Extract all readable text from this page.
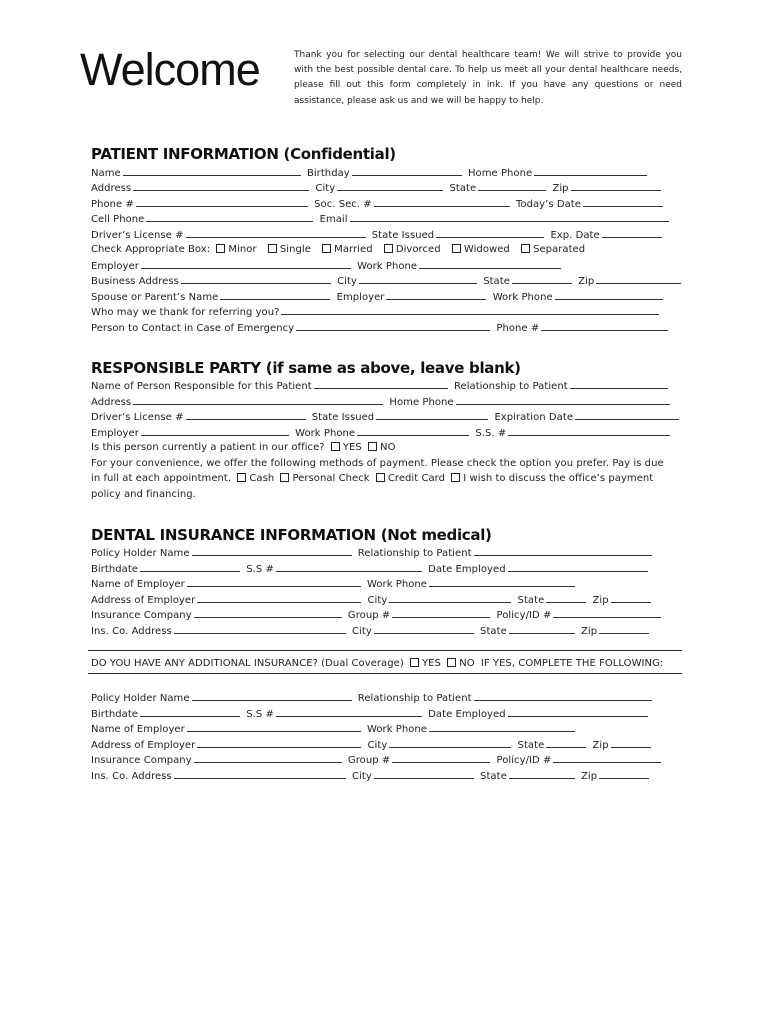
Welcome	Thank you for selecting our dental healthcare team! We will strive to provide you with the best possible dental care. To help us meet all your dental healthcare needs, please fill out this form completely in ink. If you have any questions or need assistance, please ask us and we will be happy to help.
PATIENT INFORMATION (Confidential)
Name	Birthday	Home Phone
Address	City	State	Zip
Phone #	Soc. Sec. #	Today’s Date
Cell Phone	Email
Driver’s License #	State Issued	Exp. Date
Check Appropriate Box: Minor Single Married Divorced Widowed Separated
Employer	Work Phone
Business Address	City	State	Zip
Spouse or Parent’s Name	Employer	Work Phone
Who may we thank for referring you?
Person to Contact in Case of Emergency	Phone #
RESPONSIBLE PARTY (if same as above, leave blank)
Name of Person Responsible for this Patient	Relationship to Patient
Address	Home Phone
Driver’s License #	State Issued	Expiration Date
Employer	Work Phone	S.S. #
Is this person currently a patient in our office? YES NO
For your convenience, we offer the following methods of payment. Please check the option you prefer. Pay is due
in full at each appointment. Cash Personal Check Credit Card I wish to discuss the office’s payment
policy and financing.
DENTAL INSURANCE INFORMATION (Not medical)
Policy Holder Name	Relationship to Patient
Birthdate	S.S #	Date Employed
Name of Employer	Work Phone
Address of Employer	City	State	Zip
Insurance Company	Group #	Policy/ID #
Ins. Co. Address	City	State	Zip
DO YOU HAVE ANY ADDITIONAL INSURANCE? (Dual Coverage) YES NO IF YES, COMPLETE THE FOLLOWING:
Policy Holder Name	Relationship to Patient
Birthdate	S.S #	Date Employed
Name of Employer	Work Phone
Address of Employer	City	State	Zip
Insurance Company	Group #	Policy/ID #
Ins. Co. Address	City	State	Zip
